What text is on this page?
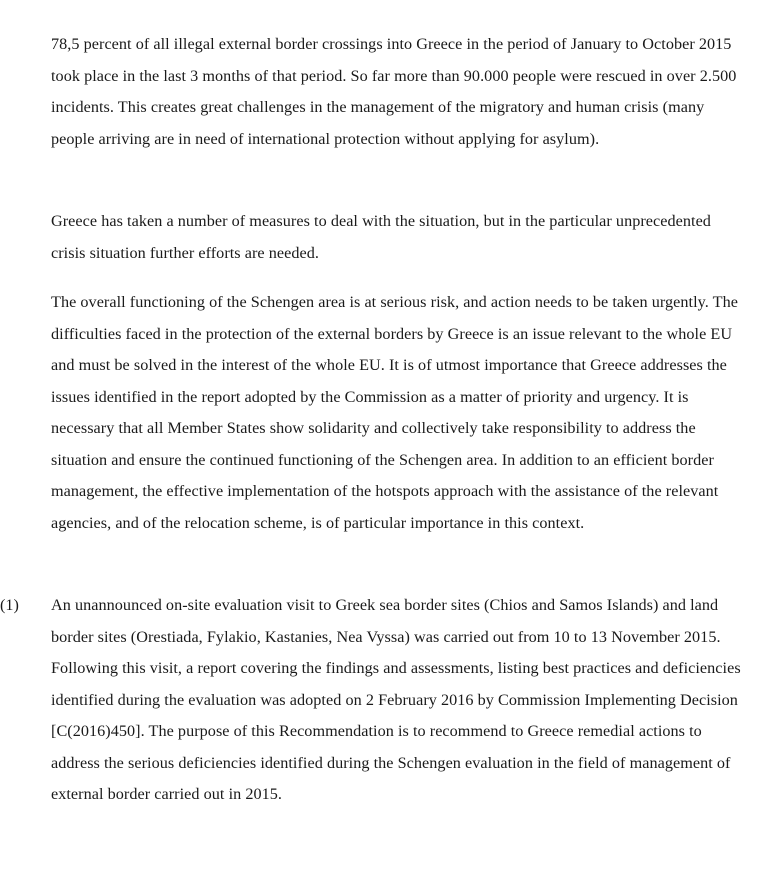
78,5 percent of all illegal external border crossings into Greece in the period of January to October 2015 took place in the last 3 months of that period. So far more than 90.000 people were rescued in over 2.500 incidents. This creates great challenges in the management of the migratory and human crisis (many people arriving are in need of international protection without applying for asylum).

Greece has taken a number of measures to deal with the situation, but in the particular unprecedented crisis situation further efforts are needed.

The overall functioning of the Schengen area is at serious risk, and action needs to be taken urgently. The difficulties faced in the protection of the external borders by Greece is an issue relevant to the whole EU and must be solved in the interest of the whole EU. It is of utmost importance that Greece addresses the issues identified in the report adopted by the Commission as a matter of priority and urgency. It is necessary that all Member States show solidarity and collectively take responsibility to address the situation and ensure the continued functioning of the Schengen area. In addition to an efficient border management, the effective implementation of the hotspots approach with the assistance of the relevant agencies, and of the relocation scheme, is of particular importance in this context.

(1) An unannounced on-site evaluation visit to Greek sea border sites (Chios and Samos Islands) and land border sites (Orestiada, Fylakio, Kastanies, Nea Vyssa) was carried out from 10 to 13 November 2015. Following this visit, a report covering the findings and assessments, listing best practices and deficiencies identified during the evaluation was adopted on 2 February 2016 by Commission Implementing Decision [C(2016)450]. The purpose of this Recommendation is to recommend to Greece remedial actions to address the serious deficiencies identified during the Schengen evaluation in the field of management of external border carried out in 2015.
